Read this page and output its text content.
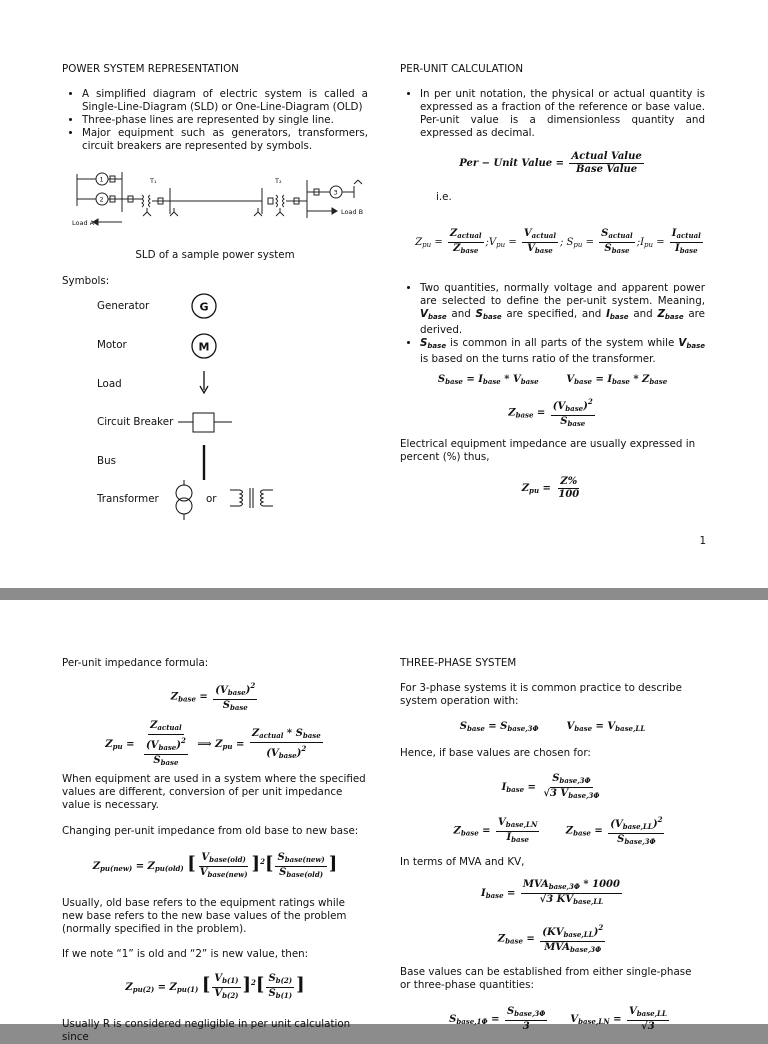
POWER SYSTEM REPRESENTATION
• A simplified diagram of electric system is called a Single-Line-Diagram (SLD) or One-Line-Diagram (OLD)
• Three-phase lines are represented by single line.
• Major equipment such as generators, transformers, circuit breakers are represented by symbols.
1
2
3
T₁	T₂
Load A
Load B
SLD of a sample power system
Symbols:
Generator	G
Motor	M
Load
Circuit Breaker
Bus
Transformer	or
PER-UNIT CALCULATION
• In per unit notation, the physical or actual quantity is expressed as a fraction of the reference or base value. Per-unit value is a dimensionless quantity and expressed as decimal.
Per − Unit Value = $\frac{\text{Actual Value}}{\text{Base Value}}$
i.e.
$Z_{pu} = \frac{Z_{actual}}{Z_{base}}$ $;V_{pu} = \frac{V_{actual}}{V_{base}}$ ; $S_{pu} = \frac{S_{actual}}{S_{base}}$ $;I_{pu} = \frac{I_{actual}}{I_{base}}$
• Two quantities, normally voltage and apparent power are selected to define the per-unit system. Meaning, $V_{base}$ and $S_{base}$ are specified, and $I_{base}$ and $Z_{base}$ are derived.
• $S_{base}$ is common in all parts of the system while $V_{base}$ is based on the turns ratio of the transformer.
$S_{base} = I_{base} * V_{base}$        $V_{base} = I_{base} * Z_{base}$
$Z_{base} = \frac{(V_{base})^2}{S_{base}}$
Electrical equipment impedance are usually expressed in percent (%) thus,
$Z_{pu} = \frac{Z\%}{100}$
1
Per-unit impedance formula:
$Z_{base} = \frac{(V_{base})^2}{S_{base}}$
$Z_{pu} = \frac{Z_{actual}}{\frac{(V_{base})^2}{S_{base}}}$ ⟹ $Z_{pu} = \frac{Z_{actual} * S_{base}}{(V_{base})^2}$
When equipment are used in a system where the specified values are different, conversion of per unit impedance value is necessary.
Changing per-unit impedance from old base to new base:
$Z_{pu(new)} = Z_{pu(old)}$ [ $\frac{V_{base(old)}}{V_{base(new)}} ]^2[ \frac{S_{base(new)}}{S_{base(old)}}$ ]
Usually, old base refers to the equipment ratings while new base refers to the new base values of the problem (normally specified in the problem).
If we note “1” is old and “2” is new value, then:
$Z_{pu(2)} = Z_{pu(1)}$ [ $\frac{V_{b(1)}}{V_{b(2)}} ]^2[ \frac{S_{b(2)}}{S_{b(1)}}$ ]
Usually R is considered negligible in per unit calculation since
THREE-PHASE SYSTEM
For 3-phase systems it is common practice to describe system operation with:
$S_{base} = S_{base,3\Phi}$        $V_{base} = V_{base,LL}$
Hence, if base values are chosen for:
$I_{base} = \frac{S_{base,3\Phi}}{√3 V_{base,3\Phi}}$
$Z_{base} = \frac{V_{base,LN}}{I_{base}} Z_{base} = \frac{(V_{base,LL})^2}{S_{base,3\Phi}}$
In terms of MVA and KV,
$I_{base} = \frac{MVA_{base,3\Phi} * 1000}{√3 KV_{base,LL}}$
$Z_{base} = \frac{(KV_{base,LL})^2}{MVA_{base,3\Phi}}$
Base values can be established from either single-phase or three-phase quantities:
$S_{base,1\Phi} = \frac{S_{base,3\Phi}}{3} V_{base,LN} = \frac{V_{base,LL}}{√3}$
